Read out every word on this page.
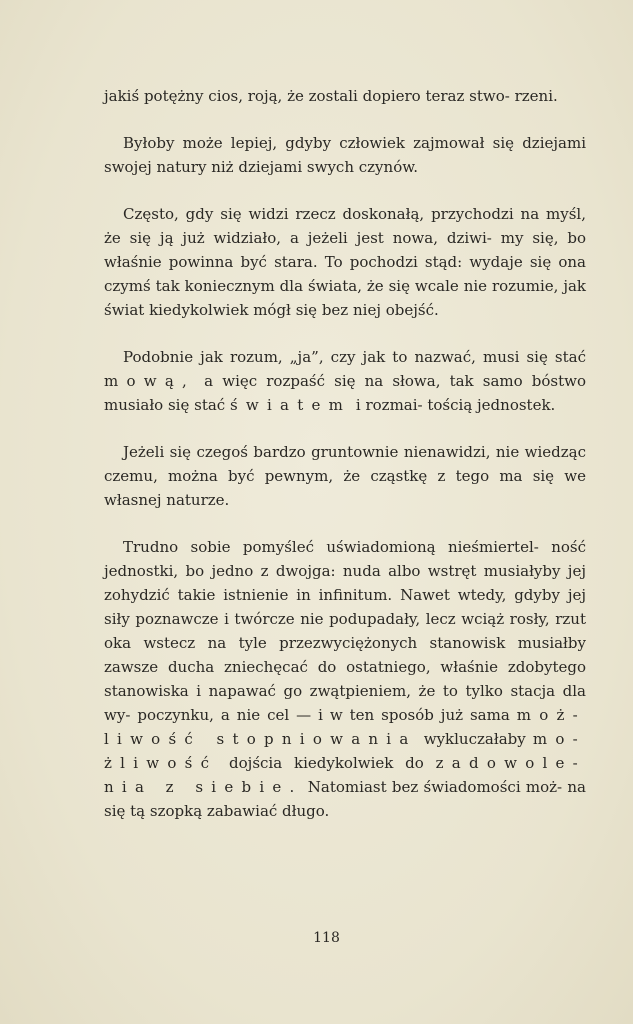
jakiś potężny cios, roją, że zostali dopiero teraz stwo- rzeni.

Byłoby może lepiej, gdyby człowiek zajmował się dziejami swojej natury niż dziejami swych czynów.

Często, gdy się widzi rzecz doskonałą, przychodzi na myśl, że się ją już widziało, a jeżeli jest nowa, dziwi- my się, bo właśnie powinna być stara. To pochodzi stąd: wydaje się ona czymś tak koniecznym dla świata, że się wcale nie rozumie, jak świat kiedykolwiek mógł się bez niej obejść.

Podobnie jak rozum, „ja”, czy jak to nazwać, musi się stać mową, a więc rozpaść się na słowa, tak samo bóstwo musiało się stać światem i rozmai- tością jednostek.

Jeżeli się czegoś bardzo gruntownie nienawidzi, nie wiedząc czemu, można być pewnym, że cząstkę z tego ma się we własnej naturze.

Trudno sobie pomyśleć uświadomioną nieśmiertel- ność jednostki, bo jedno z dwojga: nuda albo wstręt musiałyby jej zohydzić takie istnienie in infinitum. Nawet wtedy, gdyby jej siły poznawcze i twórcze nie podupadały, lecz wciąż rosły, rzut oka wstecz na tyle przezwyciężonych stanowisk musiałby zawsze ducha zniechęcać do ostatniego, właśnie zdobytego stanowiska i napawać go zwątpieniem, że to tylko stacja dla wy- poczynku, a nie cel — i w ten sposób już sama moż- liwość stopniowania wykluczałaby mo- żliwość dojścia kiedykolwiek do zadowole- nia z siebie. Natomiast bez świadomości moż- na się tą szopką zabawiać długo.

118
